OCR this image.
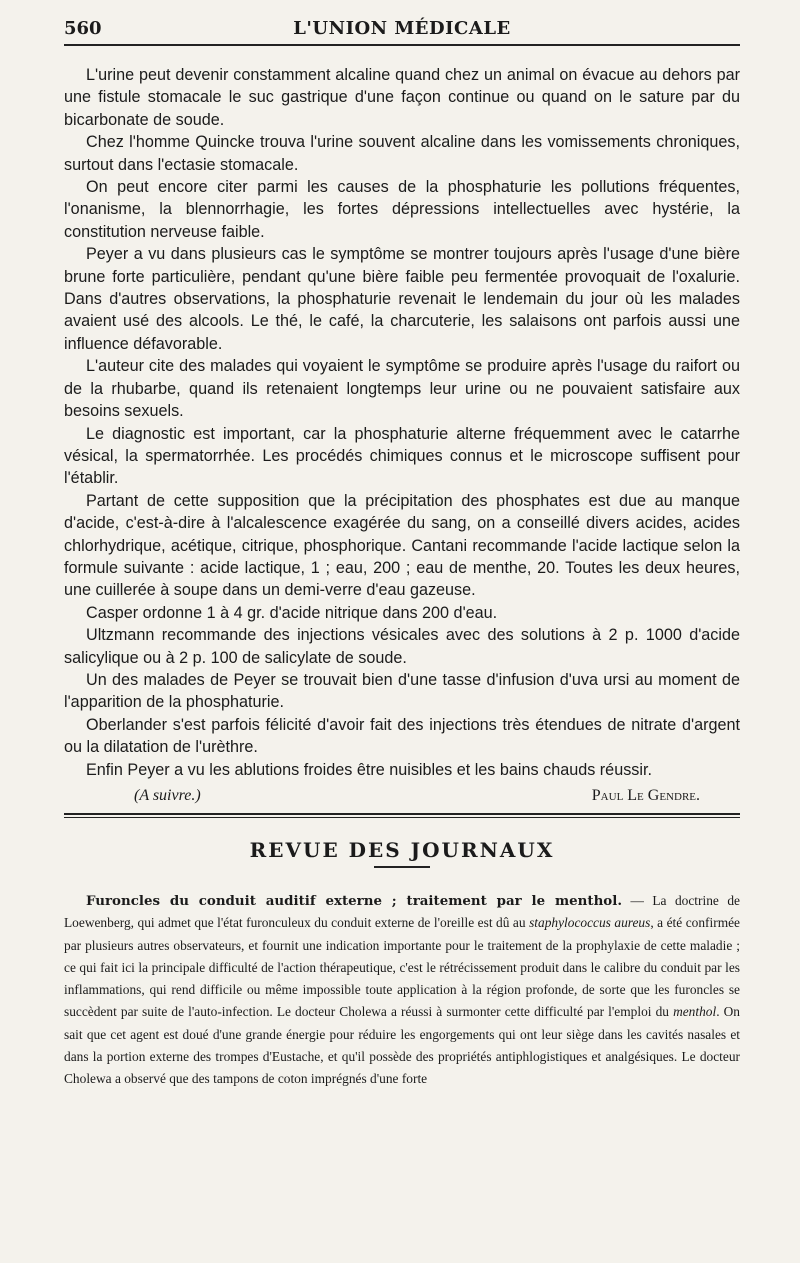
560	L'UNION MÉDICALE

L'urine peut devenir constamment alcaline quand chez un animal on évacue au dehors par une fistule stomacale le suc gastrique d'une façon continue ou quand on le sature par du bicarbonate de soude.

Chez l'homme Quincke trouva l'urine souvent alcaline dans les vomissements chroniques, surtout dans l'ectasie stomacale.

On peut encore citer parmi les causes de la phosphaturie les pollutions fréquentes, l'onanisme, la blennorrhagie, les fortes dépressions intellectuelles avec hystérie, la constitution nerveuse faible.

Peyer a vu dans plusieurs cas le symptôme se montrer toujours après l'usage d'une bière brune forte particulière, pendant qu'une bière faible peu fermentée provoquait de l'oxalurie. Dans d'autres observations, la phosphaturie revenait le lendemain du jour où les malades avaient usé des alcools. Le thé, le café, la charcuterie, les salaisons ont parfois aussi une influence défavorable.

L'auteur cite des malades qui voyaient le symptôme se produire après l'usage du raifort ou de la rhubarbe, quand ils retenaient longtemps leur urine ou ne pouvaient satisfaire aux besoins sexuels.

Le diagnostic est important, car la phosphaturie alterne fréquemment avec le catarrhe vésical, la spermatorrhée. Les procédés chimiques connus et le microscope suffisent pour l'établir.

Partant de cette supposition que la précipitation des phosphates est due au manque d'acide, c'est-à-dire à l'alcalescence exagérée du sang, on a conseillé divers acides, acides chlorhydrique, acétique, citrique, phosphorique. Cantani recommande l'acide lactique selon la formule suivante : acide lactique, 1 ; eau, 200 ; eau de menthe, 20. Toutes les deux heures, une cuillerée à soupe dans un demi-verre d'eau gazeuse.

Casper ordonne 1 à 4 gr. d'acide nitrique dans 200 d'eau.

Ultzmann recommande des injections vésicales avec des solutions à 2 p. 1000 d'acide salicylique ou à 2 p. 100 de salicylate de soude.

Un des malades de Peyer se trouvait bien d'une tasse d'infusion d'uva ursi au moment de l'apparition de la phosphaturie.

Oberlander s'est parfois félicité d'avoir fait des injections très étendues de nitrate d'argent ou la dilatation de l'urèthre.

Enfin Peyer a vu les ablutions froides être nuisibles et les bains chauds réussir.

(A suivre.)	Paul Le Gendre.
REVUE DES JOURNAUX

Furoncles du conduit auditif externe ; traitement par le menthol. — La doctrine de Loewenberg, qui admet que l'état furonculeux du conduit externe de l'oreille est dû au staphylococcus aureus, a été confirmée par plusieurs autres observateurs, et fournit une indication importante pour le traitement de la prophylaxie de cette maladie ; ce qui fait ici la principale difficulté de l'action thérapeutique, c'est le rétrécissement produit dans le calibre du conduit par les inflammations, qui rend difficile ou même impossible toute application à la région profonde, de sorte que les furoncles se succèdent par suite de l'auto-infection. Le docteur Cholewa a réussi à surmonter cette difficulté par l'emploi du menthol. On sait que cet agent est doué d'une grande énergie pour réduire les engorgements qui ont leur siège dans les cavités nasales et dans la portion externe des trompes d'Eustache, et qu'il possède des propriétés antiphlogistiques et analgésiques. Le docteur Cholewa a observé que des tampons de coton imprégnés d'une forte
